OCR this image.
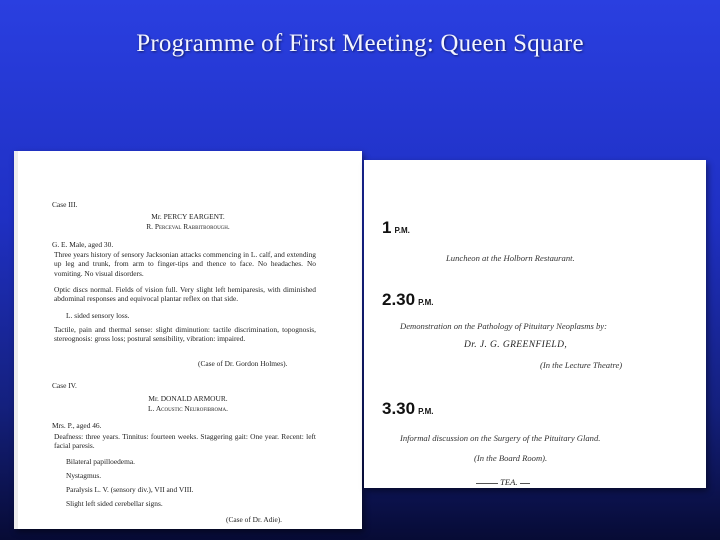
Programme of First Meeting: Queen Square
Case III.
Mr. PERCY EARGENT.
R. Perceval Rabbitborough.
G. E. Male, aged 30.
Three years history of sensory Jacksonian attacks commencing in L. calf, and extending up leg and trunk, from arm to finger-tips and thence to face. No headaches. No vomiting. No visual disorders.
Optic discs normal. Fields of vision full. Very slight left hemiparesis, with diminished abdominal responses and equivocal plantar reflex on that side.
L. sided sensory loss.
Tactile, pain and thermal sense: slight diminution: tactile discrimination, topognosis, stereognosis: gross loss; postural sensibility, vibration: impaired.
(Case of Dr. Gordon Holmes).
Case IV.
Mr. DONALD ARMOUR.
L. Acoustic Neurofibroma.
Mrs. P., aged 46.
Deafness: three years. Tinnitus: fourteen weeks. Staggering gait: One year. Recent: left facial paresis.
Bilateral papilloedema.
Nystagmus.
Paralysis L. V. (sensory div.), VII and VIII.
Slight left sided cerebellar signs.
(Case of Dr. Adie).
1 P.M.
Luncheon at the Holborn Restaurant.
2.30 P.M.
Demonstration on the Pathology of Pituitary Neoplasms by:
Dr. J. G. GREENFIELD,
(In the Lecture Theatre)
3.30 P.M.
Informal discussion on the Surgery of the Pituitary Gland.
(In the Board Room).
TEA.
